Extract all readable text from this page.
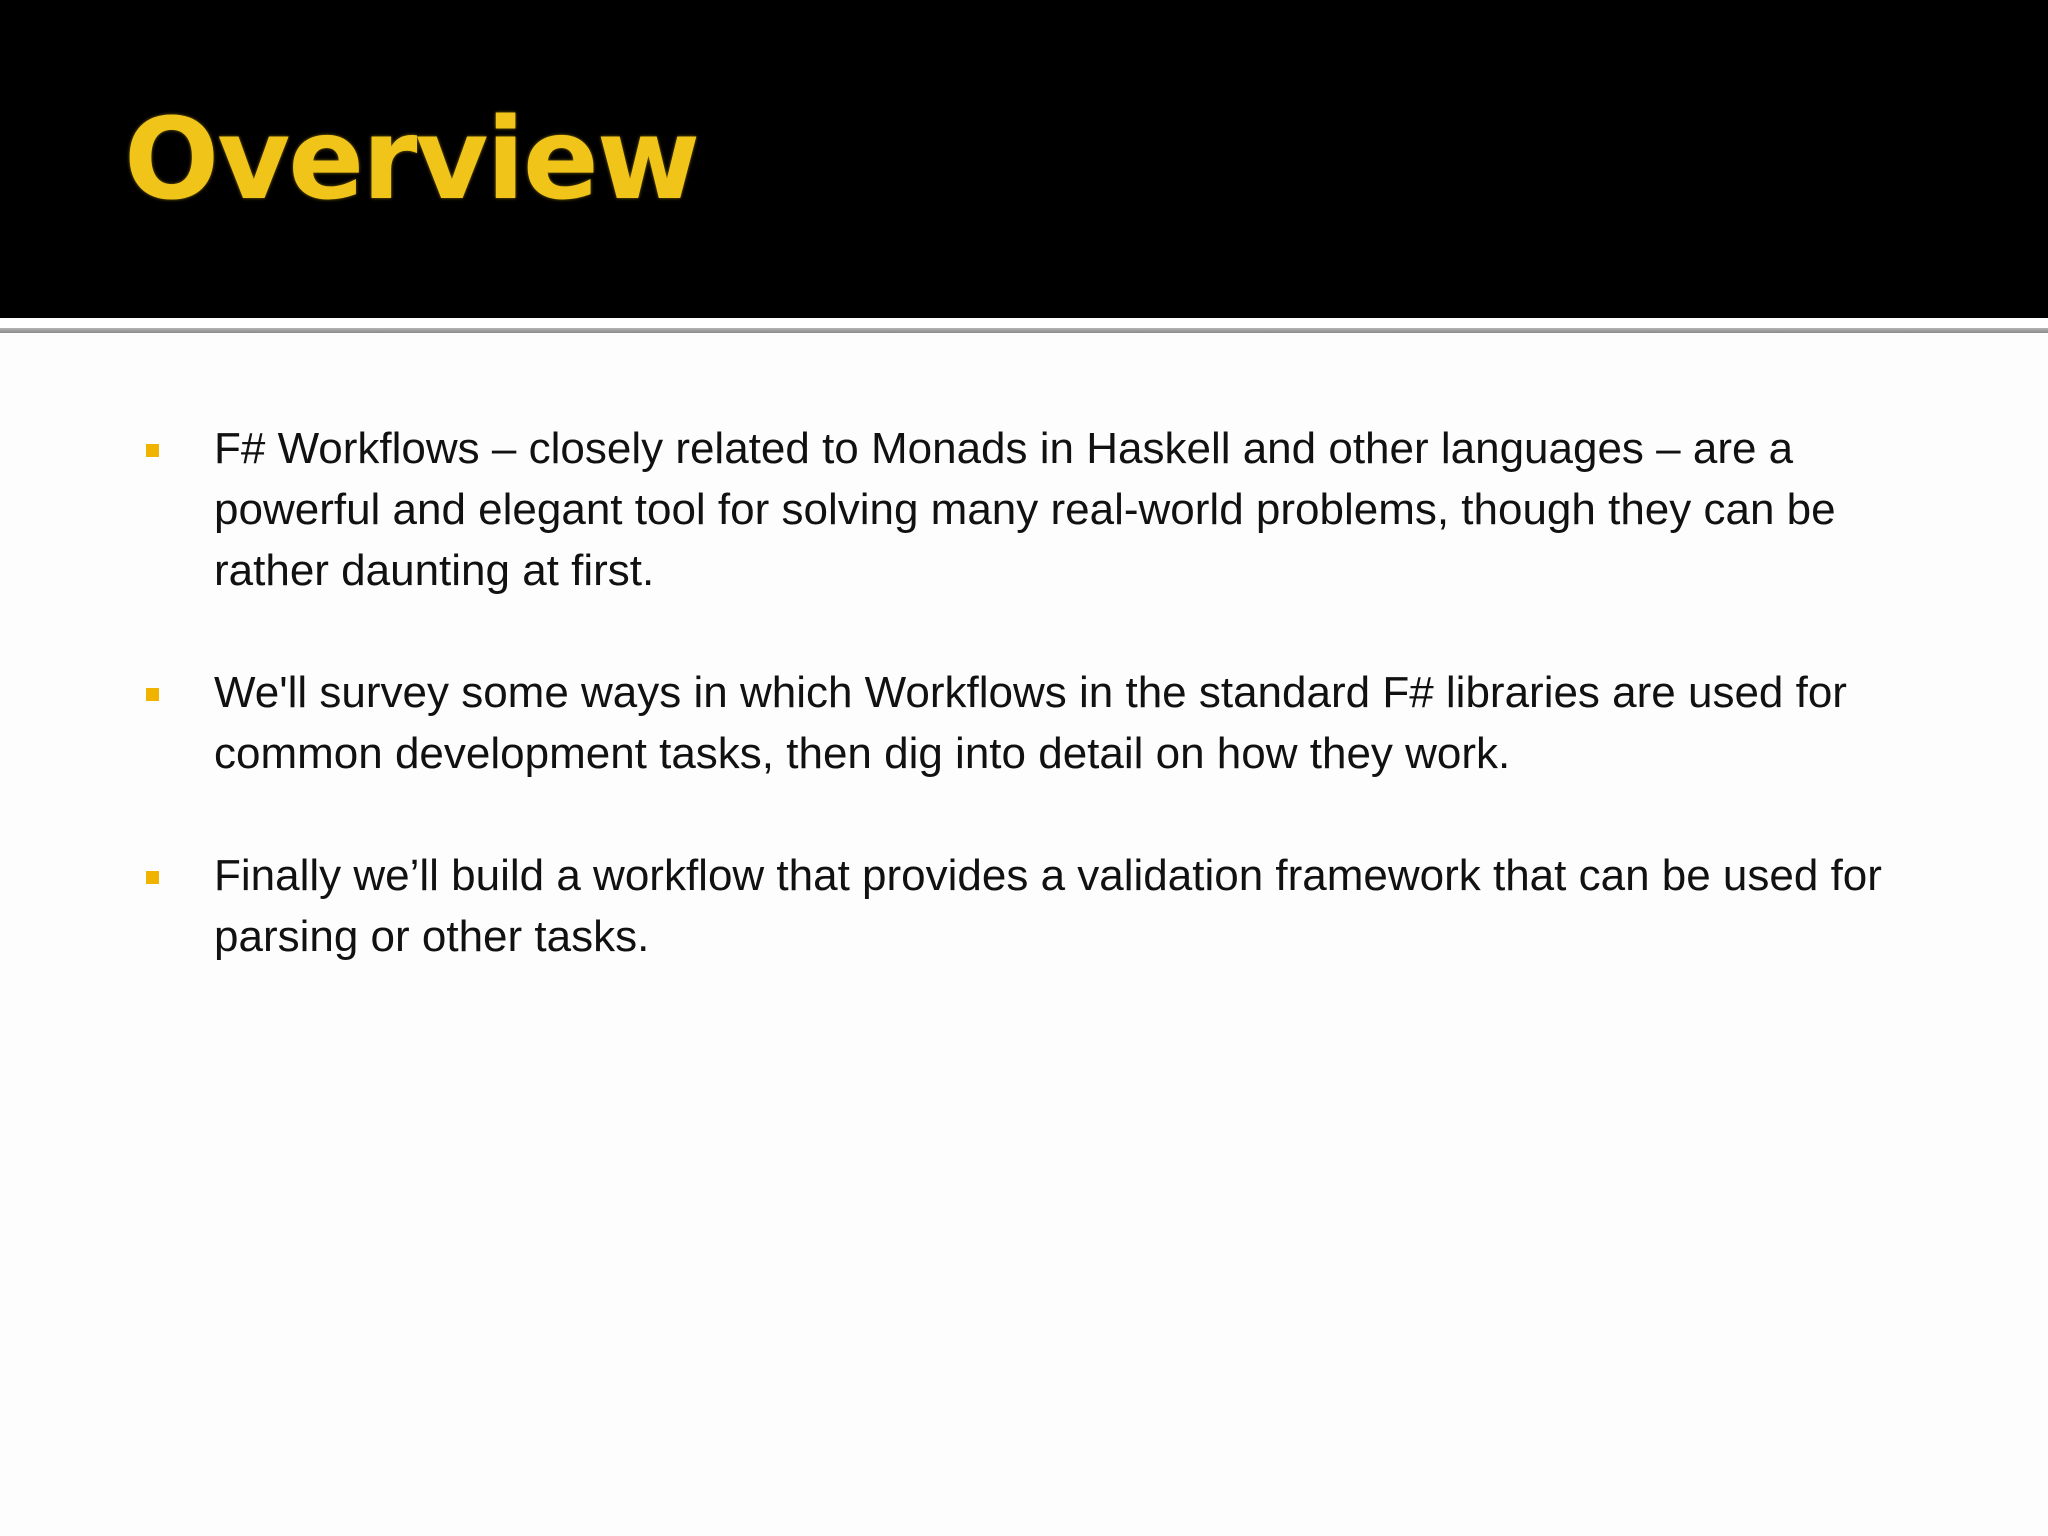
Overview
F# Workflows – closely related to Monads in Haskell and other languages – are a powerful and elegant tool for solving many real-world problems, though they can be rather daunting at first.
We'll survey some ways in which Workflows in the standard F# libraries are used for common development tasks, then dig into detail on how they work.
Finally we’ll build a workflow that provides a validation framework that can be used for parsing or other tasks.
